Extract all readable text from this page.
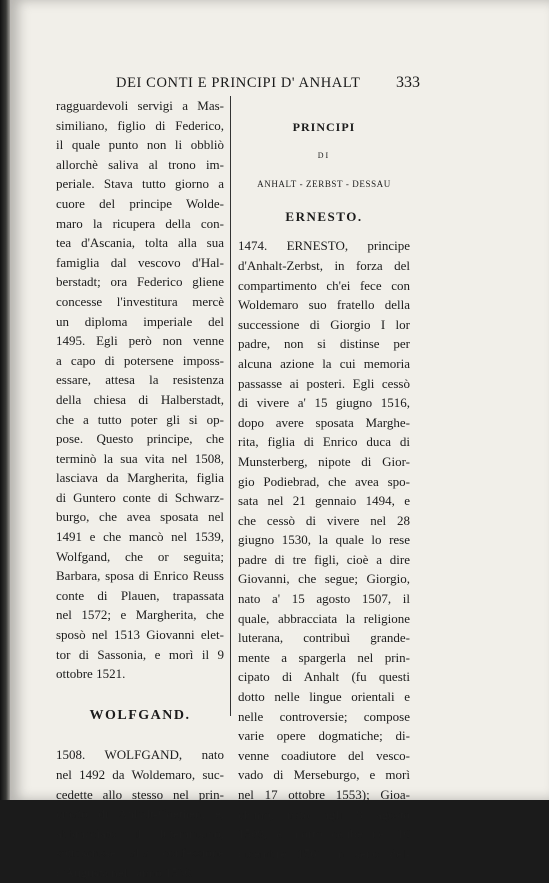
DEI CONTI E PRINCIPI D' ANHALT	333
ragguardevoli servigi a Mas-
similiano, figlio di Federico,
il quale punto non li obbliò
allorchè saliva al trono im-
periale. Stava tutto giorno a
cuore del principe Wolde-
maro la ricupera della con-
tea d'Ascania, tolta alla sua
famiglia dal vescovo d'Hal-
berstadt; ora Federico gliene
concesse l'investitura mercè
un diploma imperiale del
1495. Egli però non venne
a capo di potersene imposs-
essare, attesa la resistenza
della chiesa di Halberstadt,
che a tutto poter gli si op-
pose. Questo principe, che
terminò la sua vita nel 1508,
lasciava da Margherita, figlia
di Guntero conte di Schwarz-
burgo, che avea sposata nel
1491 e che mancò nel 1539,
Wolfgand, che or seguita;
Barbara, sposa di Enrico Reuss
conte di Plauen, trapassata
nel 1572; e Margherita, che
sposò nel 1513 Giovanni elet-
tor di Sassonia, e morì il 9
ottobre 1521.
WOLFGAND.
1508. WOLFGAND, nato
nel 1492 da Woldemaro, suc-
cedette allo stesso nel prin-
cipato di Anhalt-Coethen, e,
abbracciato il luteranismo,
sottoscrisse alla confessione
d'Augusta nell' anno 1530.
PRINCIPI
DI
ANHALT - ZERBST - DESSAU
ERNESTO.
1474. ERNESTO, principe
d'Anhalt-Zerbst, in forza del
compartimento ch'ei fece con
Woldemaro suo fratello della
successione di Giorgio I lor
padre, non si distinse per
alcuna azione la cui memoria
passasse ai posteri. Egli cessò
di vivere a' 15 giugno 1516,
dopo avere sposata Marghe-
rita, figlia di Enrico duca di
Munsterberg, nipote di Gior-
gio Podiebrad, che avea spo-
sata nel 21 gennaio 1494, e
che cessò di vivere nel 28
giugno 1530, la quale lo rese
padre di tre figli, cioè a dire
Giovanni, che segue; Giorgio,
nato a' 15 agosto 1507, il
quale, abbracciata la religione
luterana, contribuì grande-
mente a spargerla nel prin-
cipato di Anhalt (fu questi
dotto nelle lingue orientali e
nelle controversie; compose
varie opere dogmatiche; di-
venne coadiutore del vesco-
vado di Merseburgo, e morì
nel 17 ottobre 1553); Gioa-
chimo, nato agli 8 agosto
1509, e morto celibe nel 16
dicembre 1561 in seno del-
